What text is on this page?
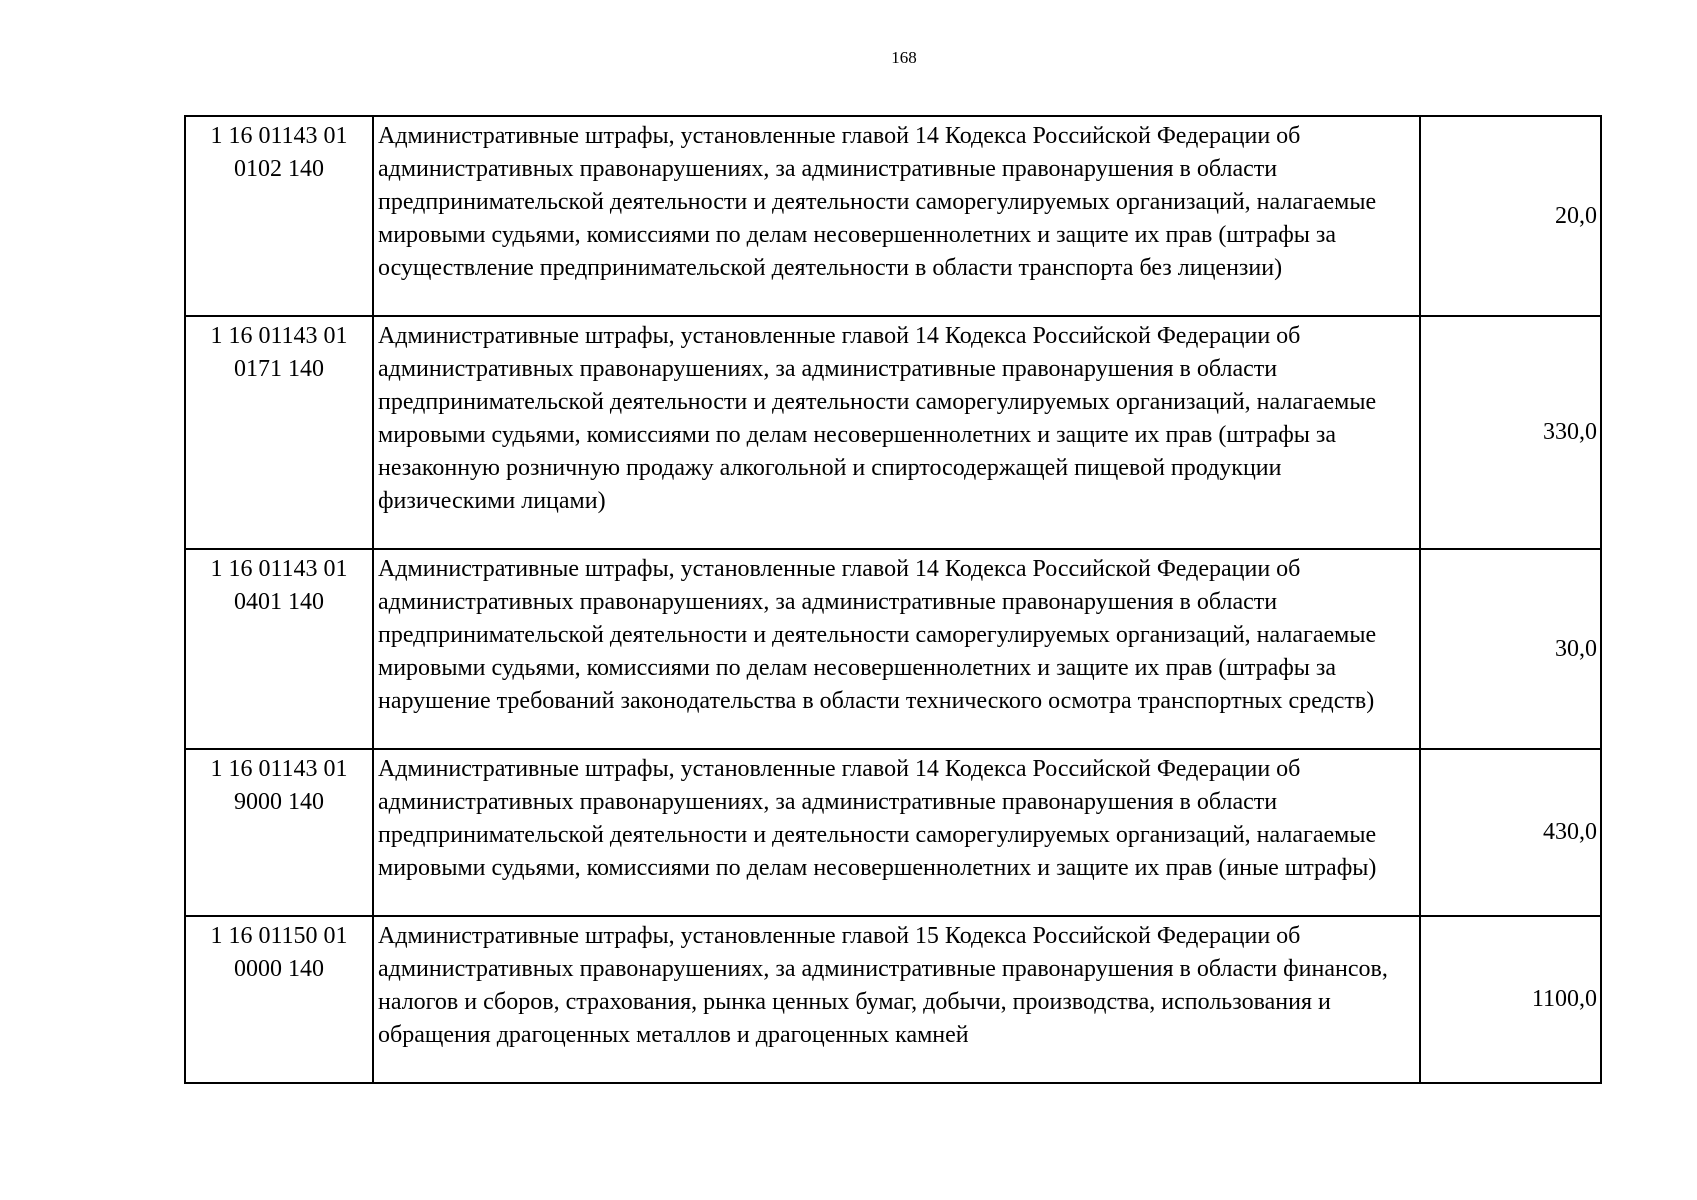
168
1 16 01143 01 0102 140	Административные штрафы, установленные главой 14 Кодекса Российской Федерации об административных правонарушениях, за административные правонарушения в области предпринимательской деятельности и деятельности саморегулируемых организаций, налагаемые мировыми судьями, комиссиями по делам несовершеннолетних и защите их прав (штрафы за осуществление предпринимательской деятельности в области транспорта без лицензии)	20,0
1 16 01143 01 0171 140	Административные штрафы, установленные главой 14 Кодекса Российской Федерации об административных правонарушениях, за административные правонарушения в области предпринимательской деятельности и деятельности саморегулируемых организаций, налагаемые мировыми судьями, комиссиями по делам несовершеннолетних и защите их прав (штрафы за незаконную розничную продажу алкогольной и спиртосодержащей пищевой продукции физическими лицами)	330,0
1 16 01143 01 0401 140	Административные штрафы, установленные главой 14 Кодекса Российской Федерации об административных правонарушениях, за административные правонарушения в области предпринимательской деятельности и деятельности саморегулируемых организаций, налагаемые мировыми судьями, комиссиями по делам несовершеннолетних и защите их прав (штрафы за нарушение требований законодательства в области технического осмотра транспортных средств)	30,0
1 16 01143 01 9000 140	Административные штрафы, установленные главой 14 Кодекса Российской Федерации об административных правонарушениях, за административные правонарушения в области предпринимательской деятельности и деятельности саморегулируемых организаций, налагаемые мировыми судьями, комиссиями по делам несовершеннолетних и защите их прав (иные штрафы)	430,0
1 16 01150 01 0000 140	Административные штрафы, установленные главой 15 Кодекса Российской Федерации об административных правонарушениях, за административные правонарушения в области финансов, налогов и сборов, страхования, рынка ценных бумаг, добычи, производства, использования и обращения драгоценных металлов и драгоценных камней	1100,0
